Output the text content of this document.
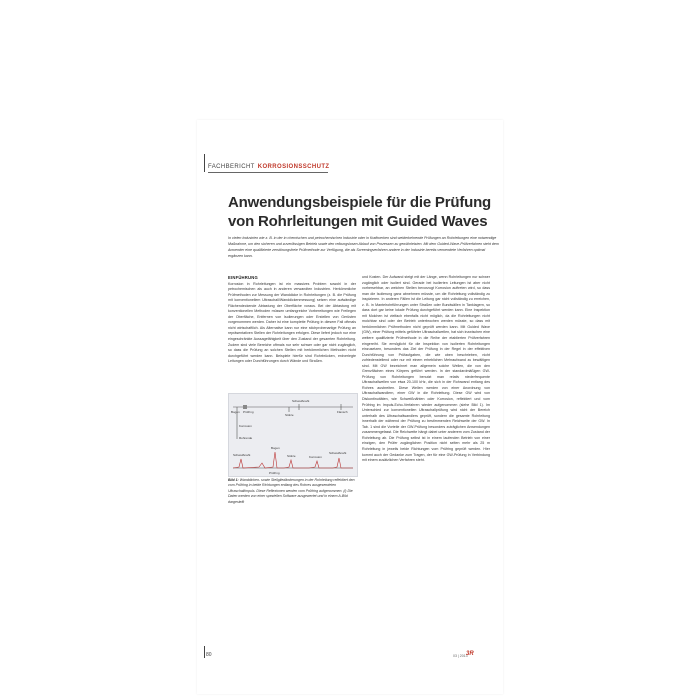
FACHBERICHT KORROSIONSSCHUTZ
Anwendungsbeispiele für die Prüfung von Rohrleitungen mit Guided Waves
In vielen Industrien wie z. B. in der in chemischen und petrochemischen Industrie oder in Kraftwerken sind weiderkehrende Prüfungen an Rohrleitungen eine notwendige Maßnahme, um den sicheren und zuverlässigen Betrieb sowie den reibungslosen Ablauf von Prozessen zu gewährleisten. Mit dem Guided-Wave-Prüfverfahren steht dem Anwender eine qualifizierte zerstörungsfreie Prüfmethode zur Verfügung, die als Screeningverfahren andere in der Industrie bereits verwendete Verfahren optimal ergänzen kann.
EINFÜHRUNG

Korrosion in Rohrleitungen ist ein massives Problem sowohl in der petrochemischen als auch in anderen verwandten Industrien. Herkömmliche Prüfmethoden zur Messung der Wanddicke in Rohrleitungen (z. B. die Prüfung mit konventionellem Ultraschall/Wanddickenmessung) setzen eine aufwändige Flächendeckende Abtastung der Oberfläche voraus. Bei der Abtastung mit konventionellen Methoden müssen umfangreiche Vorbereitungen wie Freilegen der Oberfläche, Entfernen von Isolierungen oder Erstellen von Gerüsten vorgenommen werden. Daher ist eine komplette Prüfung in diesem Fall oftmals nicht wirtschaftlich. Als Alternative kann nur eine stichprobenartige Prüfung an repräsentativen Stellen der Rohrleitungen erfolgen. Diese liefert jedoch nur eine eingeschränkte Aussagefähigkeit über den Zustand der gesamten Rohrleitung. Zudem sind viele Bereiche oftmals nur sehr schwer oder gar nicht zugänglich, so dass die Prüfung an solchen Stellen mit herkömmlichen Methoden nicht durchgeführt werden kann. Beispiele hierfür sind Rohrbrücken, erdverlegte Leitungen oder Durchführungen durch Wände und Straßen.

Bogen Prüfring
Korrosion
Rohrende
Schweißnaht
Stütze
Flansch
Schweißnaht
Bogen
Prüfring
Stütze	Korrosion
Schweißnaht
Bild 1: Wanddicken- sowie Stellgliedänderungen in der Rohrleitung reflektiert den vom Prüfring in beide Richtungen entlang des Rohres ausgesendeten Ultraschallimpuls. Diese Reflexionen werden vom Prüfring aufgenommen. (i) Die Daten werden von einer speziellen Software ausgewertet und in einem A-Bild dargestellt

und Kosten. Der Aufwand steigt mit der Länge, wenn Rohrleitungen nur schwer zugänglich oder isoliert sind. Gerade bei isolierten Leitungen ist aber nicht vorhersehbar, an welchen Stellen bevorzugt Korrosion auftreten wird, so dass man die Isolierung ganz abnehmen müsste, um die Rohrleitung vollständig zu inspizieren. In anderen Fällen ist die Leitung gar nicht vollständig zu erreichen, z. B. in Mantelrohrführungen unter Straßen oder Bundwällen in Tanklagern, so dass dort gar keine lokale Prüfung durchgeführt werden kann. Eine Inspektion mit Molchen ist vielfach ebenfalls nicht möglich, da die Rohrleitungen nicht molchbar sind oder der Betrieb unterbrochen werden müsste, so dass mit herkömmlichen Prüfmethoden nicht geprüft werden kann. Mit Guided Wave (GW), einer Prüfung mittels geführter Ultraschallwellen, hat sich inzwischen eine weitere qualifizierte Prüfmethode in die Reihe der etablierten Prüfverfahren eingereiht. Sie ermöglicht für die Inspektion von isolierten Rohrleitungen einzusetzen, besonders das Ziel der Prüfung in der Regel in der effektiven Durchführung von Prüfaufgaben, die wie oben beschrieben, nicht zufriedenstellend oder nur mit einem erheblichen Mehraufwand zu bewältigen sind. Mit GW bezeichnet man allgemein solche Wellen, die von den Grenzflächen eines Körpers geführt werden. In der standardmäßigen GW-Prüfung von Rohrleitungen benutzt man relativ niederfrequente Ultraschallwellen von etwa 20-100 kHz, die sich in der Rohrwand entlang des Rohres ausbreiten. Diese Wellen werden von einer Anordnung von Ultraschallwandlern, einer GW in die Rohrleitung. Diese GW wird von Diskontinuitäten, wie Schweißnähten oder Korrosion, reflektiert und vom Prüfring im Impuls-Echo-Verfahren wieder aufgenommen (siehe Bild 1). Im Unterschied zur konventionellen Ultraschallprüfung wird nicht der Bereich unterhalb des Ultraschallwandlers geprüft, sondern die gesamte Rohrleitung innerhalb der während der Prüfung zu bestimmenden Reichweite der GW. In Tab. 1 sind die Vorteile der GW-Prüfung besonders zuträglichen Anwendungen zusammengefasst. Die Reichweite hängt dabei unter anderem vom Zustand der Rohrleitung ab. Die Prüfung selbst ist in einem laufenden Betrieb von einer einzigen, den Prüfer zugänglichen Position nicht selten mehr als 25 m Rohrleitung in jeweils beide Richtungen vom Prüfring geprüft werden. Hier kommt auch der Gedanke zum Tragen, der für eine GW-Prüfung in Verbindung mit einem zusätzlichen Verfahren steht.

80	03 | 2013
3R
